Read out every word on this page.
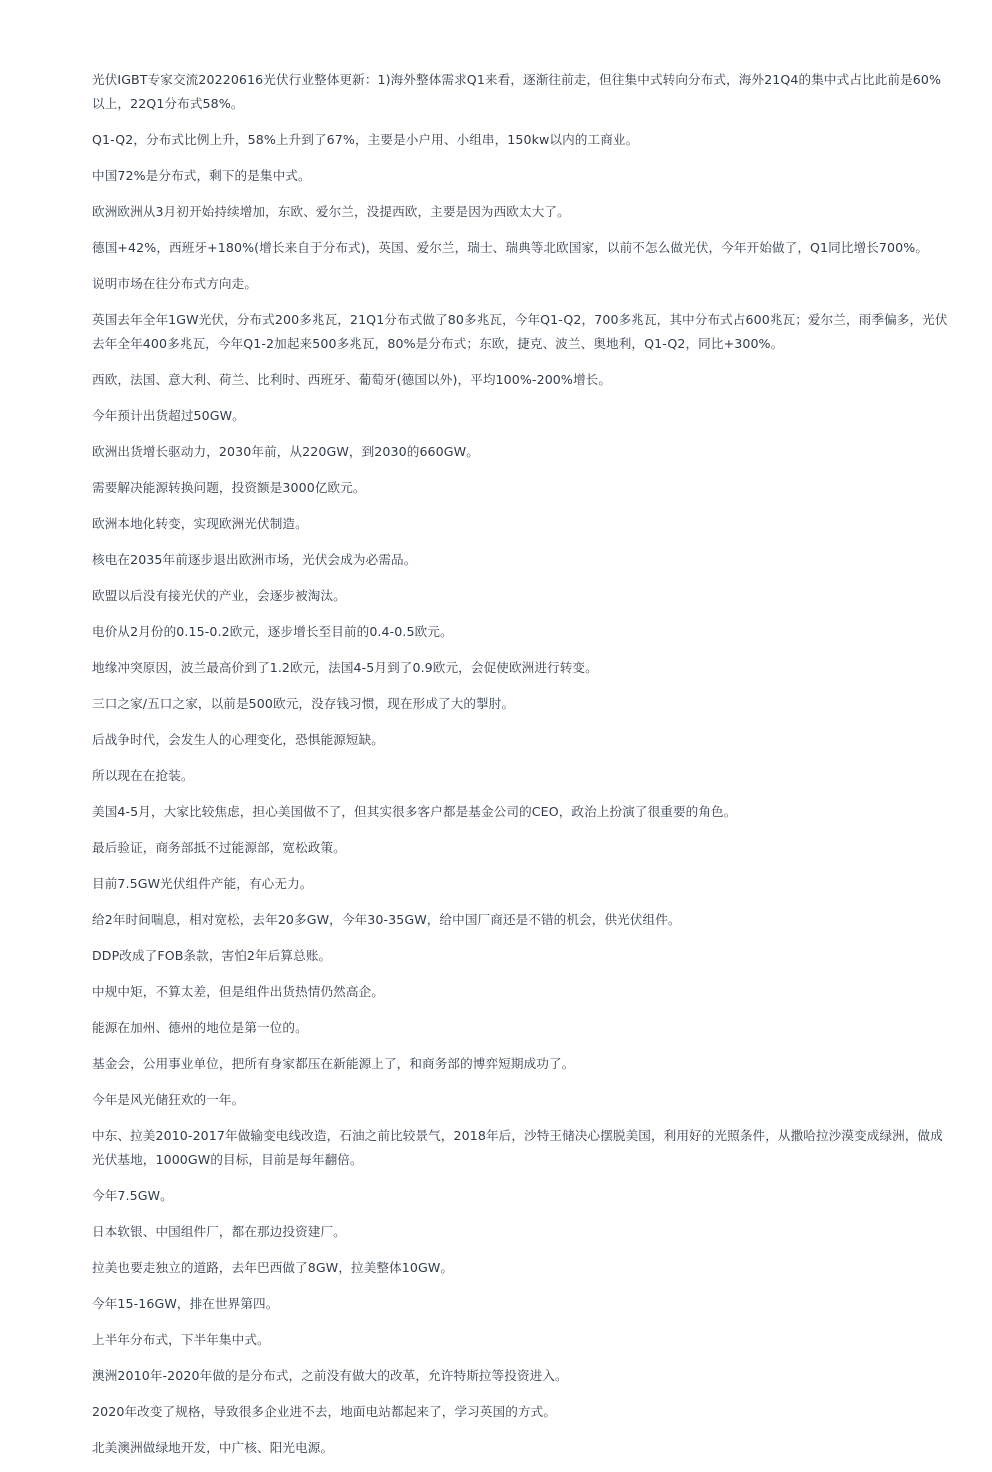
光伏IGBT专家交流20220616光伏行业整体更新：1)海外整体需求Q1来看，逐渐往前走，但往集中式转向分布式，海外21Q4的集中式占比此前是60%以上，22Q1分布式58%。

Q1-Q2，分布式比例上升，58%上升到了67%，主要是小户用、小组串，150kw以内的工商业。

中国72%是分布式，剩下的是集中式。

欧洲欧洲从3月初开始持续增加，东欧、爱尔兰，没提西欧，主要是因为西欧太大了。

德国+42%，西班牙+180%(增长来自于分布式)，英国、爱尔兰，瑞士、瑞典等北欧国家，以前不怎么做光伏，今年开始做了，Q1同比增长700%。

说明市场在往分布式方向走。

英国去年全年1GW光伏，分布式200多兆瓦，21Q1分布式做了80多兆瓦，今年Q1-Q2，700多兆瓦，其中分布式占600兆瓦；爱尔兰，雨季偏多，光伏去年全年400多兆瓦，今年Q1-2加起来500多兆瓦，80%是分布式；东欧，捷克、波兰、奥地利，Q1-Q2，同比+300%。

西欧，法国、意大利、荷兰、比利时、西班牙、葡萄牙(德国以外)，平均100%-200%增长。

今年预计出货超过50GW。

欧洲出货增长驱动力，2030年前，从220GW，到2030的660GW。

需要解决能源转换问题，投资额是3000亿欧元。

欧洲本地化转变，实现欧洲光伏制造。

核电在2035年前逐步退出欧洲市场，光伏会成为必需品。

欧盟以后没有接光伏的产业，会逐步被淘汰。

电价从2月份的0.15-0.2欧元，逐步增长至目前的0.4-0.5欧元。

地缘冲突原因，波兰最高价到了1.2欧元，法国4-5月到了0.9欧元，会促使欧洲进行转变。

三口之家/五口之家，以前是500欧元，没存钱习惯，现在形成了大的掣肘。

后战争时代，会发生人的心理变化，恐惧能源短缺。

所以现在在抢装。

美国4-5月，大家比较焦虑，担心美国做不了，但其实很多客户都是基金公司的CEO，政治上扮演了很重要的角色。

最后验证，商务部抵不过能源部，宽松政策。

目前7.5GW光伏组件产能，有心无力。

给2年时间喘息，相对宽松，去年20多GW，今年30-35GW，给中国厂商还是不错的机会，供光伏组件。

DDP改成了FOB条款，害怕2年后算总账。

中规中矩，不算太差，但是组件出货热情仍然高企。

能源在加州、德州的地位是第一位的。

基金会，公用事业单位，把所有身家都压在新能源上了，和商务部的博弈短期成功了。

今年是风光储狂欢的一年。

中东、拉美2010-2017年做输变电线改造，石油之前比较景气，2018年后，沙特王储决心摆脱美国，利用好的光照条件，从撒哈拉沙漠变成绿洲，做成光伏基地，1000GW的目标，目前是每年翻倍。

今年7.5GW。

日本软银、中国组件厂，都在那边投资建厂。

拉美也要走独立的道路，去年巴西做了8GW，拉美整体10GW。

今年15-16GW，排在世界第四。

上半年分布式，下半年集中式。

澳洲2010年-2020年做的是分布式，之前没有做大的改革，允许特斯拉等投资进入。

2020年改变了规格，导致很多企业进不去，地面电站都起来了，学习英国的方式。

北美澳洲做绿地开发，中广核、阳光电源。
